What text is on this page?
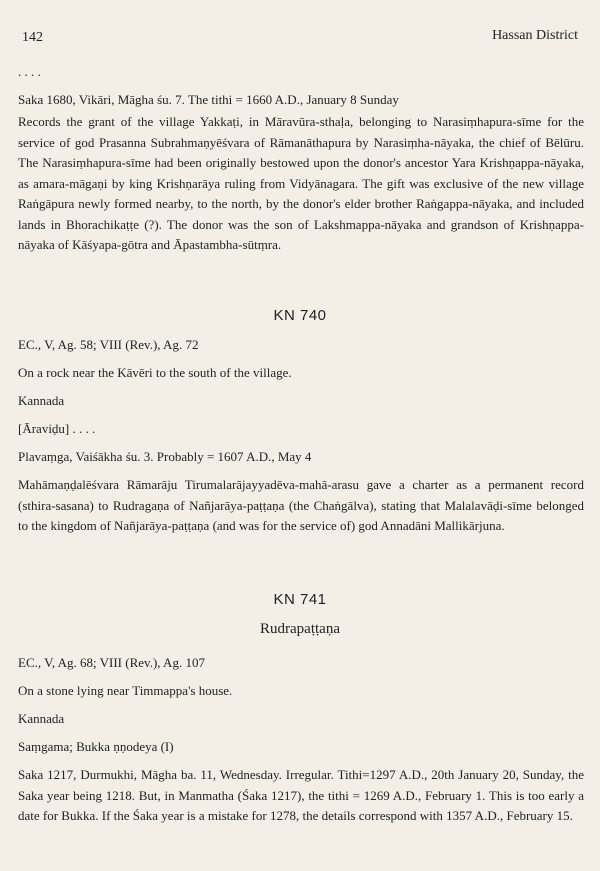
142	Hassan District

. . . .

Saka 1680, Vikāri, Māgha śu. 7. The tithi = 1660 A.D., January 8 Sunday

Records the grant of the village Yakkaṭi, in Māravūra-sthaḷa, belonging to Narasiṃhapura-sīme for the service of god Prasanna Subrahmaṇyēśvara of Rāmanāthapura by Narasiṃha-nāyaka, the chief of Bēlūru. The Narasiṃhapura-sīme had been originally bestowed upon the donor's ancestor Yara Krishṇappa-nāyaka, as amara-māgaṇi by king Krishṇarāya ruling from Vidyānagara. The gift was exclusive of the new village Raṅgāpura newly formed nearby, to the north, by the donor's elder brother Raṅgappa-nāyaka, and included lands in Bhorachikaṭṭe (?). The donor was the son of Lakshmappa-nāyaka and grandson of Krishṇappa-nāyaka of Kāśyapa-gōtra and Āpastambha-sūtṃra.

KN 740

EC., V, Ag. 58; VIII (Rev.), Ag. 72

On a rock near the Kāvēri to the south of the village.

Kannada

[Āraviḍu] . . . .

Plavaṃga, Vaiśākha śu. 3. Probably = 1607 A.D., May 4

Mahāmaṇḍalēśvara Rāmarāju Tirumalarājayyadēva-mahā-arasu gave a charter as a permanent record (sthira-sasana) to Rudragaṇa of Nañjarāya-paṭṭaṇa (the Chaṅgālva), stating that Malalavāḍi-sīme belonged to the kingdom of Nañjarāya-paṭṭaṇa (and was for the service of) god Annadāni Mallikārjuna.

KN 741
Rudrapaṭṭaṇa

EC., V, Ag. 68; VIII (Rev.), Ag. 107

On a stone lying near Timmappa's house.

Kannada

Saṃgama; Bukka ṇṇodeya (I)

Saka 1217, Durmukhi, Māgha ba. 11, Wednesday. Irregular. Tithi=1297 A.D., 20th January 20, Sunday, the Saka year being 1218. But, in Manmatha (Śaka 1217), the tithi = 1269 A.D., February 1. This is too early a date for Bukka. If the Śaka year is a mistake for 1278, the details correspond with 1357 A.D., February 15.
